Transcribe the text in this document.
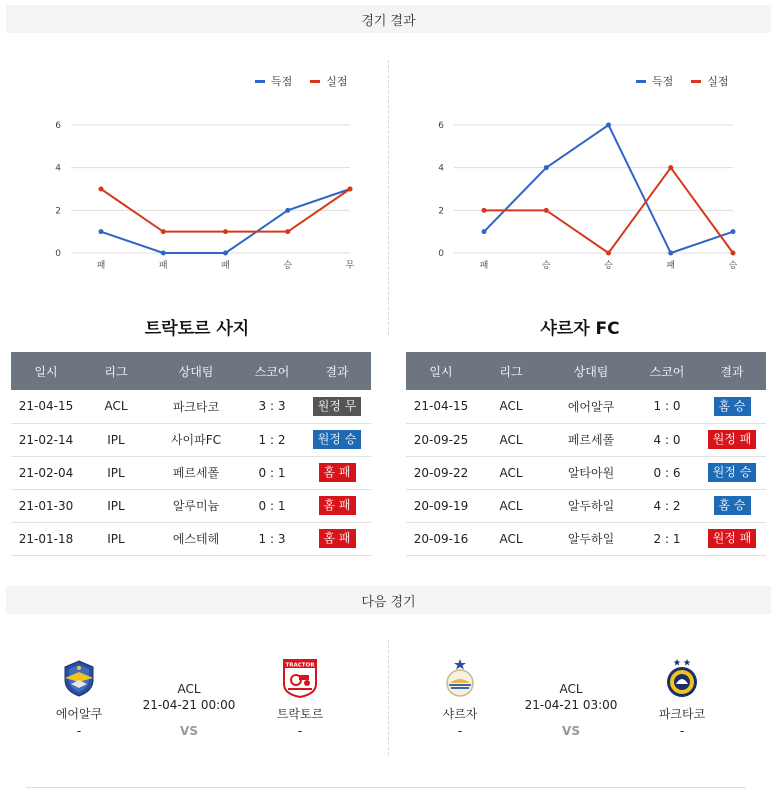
경기 결과
득점	실점
0
2
4
6
패	패	패	승	무
득점	실점
0
2
4
6
패	승	승	패	승
트락토르 사지	샤르자 FC
일시	리그	상대팀	스코어	결과
21-04-15	ACL	파크타코	3 : 3	원정 무
21-02-14	IPL	사이파FC	1 : 2	원정 승
21-02-04	IPL	페르세폴	0 : 1	홈 패
21-01-30	IPL	알루미늄	0 : 1	홈 패
21-01-18	IPL	에스테헤	1 : 3	홈 패
일시	리그	상대팀	스코어	결과
21-04-15	ACL	에어알쿠	1 : 0	홈 승
20-09-25	ACL	페르세폴	4 : 0	원정 패
20-09-22	ACL	알타아원	0 : 6	원정 승
20-09-19	ACL	알두하일	4 : 2	홈 승
20-09-16	ACL	알두하일	2 : 1	원정 패
다음 경기
에어알쿠
-
ACL
21-04-21 00:00
VS
TRACTOR
트락토르
-
샤르자
-
ACL
21-04-21 03:00
VS
파크타코
-
